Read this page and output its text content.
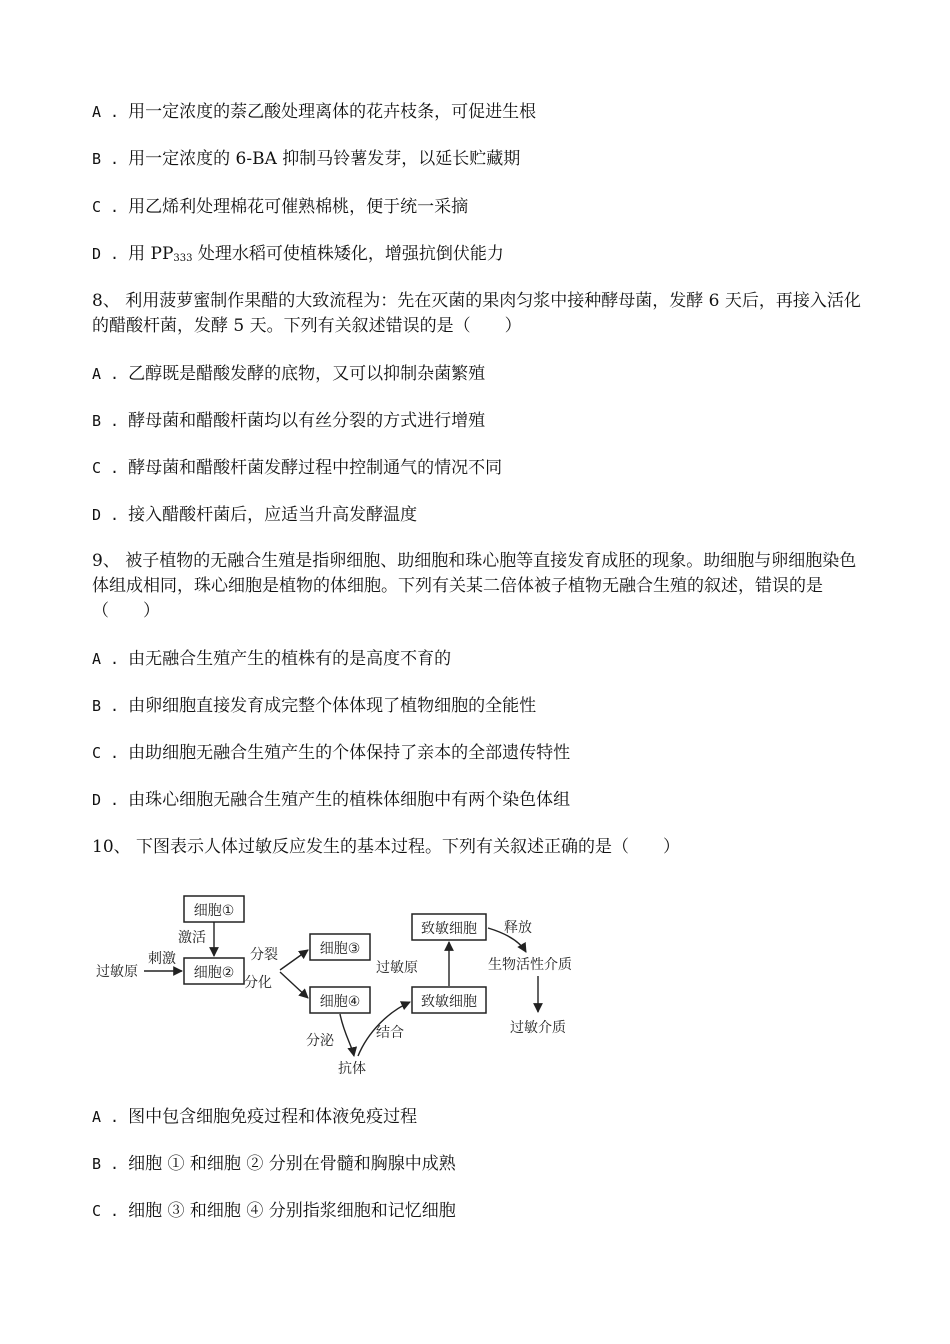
A . 用一定浓度的萘乙酸处理离体的花卉枝条，可促进生根
B . 用一定浓度的 6-BA 抑制马铃薯发芽，以延长贮藏期
C . 用乙烯利处理棉花可催熟棉桃，便于统一采摘
D . 用 $PP_{333}$ 处理水稻可使植株矮化，增强抗倒伏能力
8、 利用菠萝蜜制作果醋的大致流程为：先在灭菌的果肉匀浆中接种酵母菌，发酵 6 天后，再接入活化的醋酸杆菌，发酵 5 天。下列有关叙述错误的是（　　）
A . 乙醇既是醋酸发酵的底物，又可以抑制杂菌繁殖
B . 酵母菌和醋酸杆菌均以有丝分裂的方式进行增殖
C . 酵母菌和醋酸杆菌发酵过程中控制通气的情况不同
D . 接入醋酸杆菌后，应适当升高发酵温度
9、 被子植物的无融合生殖是指卵细胞、助细胞和珠心胞等直接发育成胚的现象。助细胞与卵细胞染色体组成相同，珠心细胞是植物的体细胞。下列有关某二倍体被子植物无融合生殖的叙述，错误的是（　　）
A . 由无融合生殖产生的植株有的是高度不育的
B . 由卵细胞直接发育成完整个体体现了植物细胞的全能性
C . 由助细胞无融合生殖产生的个体保持了亲本的全部遗传特性
D . 由珠心细胞无融合生殖产生的植株体细胞中有两个染色体组
10、 下图表示人体过敏反应发生的基本过程。下列有关叙述正确的是（　　）
细胞①
细胞②
细胞③
细胞④
致敏细胞
致敏细胞
过敏原
刺激
激活
分裂
分化
分泌
抗体
结合
过敏原
释放
生物活性介质
过敏介质
A . 图中包含细胞免疫过程和体液免疫过程
B . 细胞 ① 和细胞 ② 分别在骨髓和胸腺中成熟
C . 细胞 ③ 和细胞 ④ 分别指浆细胞和记忆细胞
